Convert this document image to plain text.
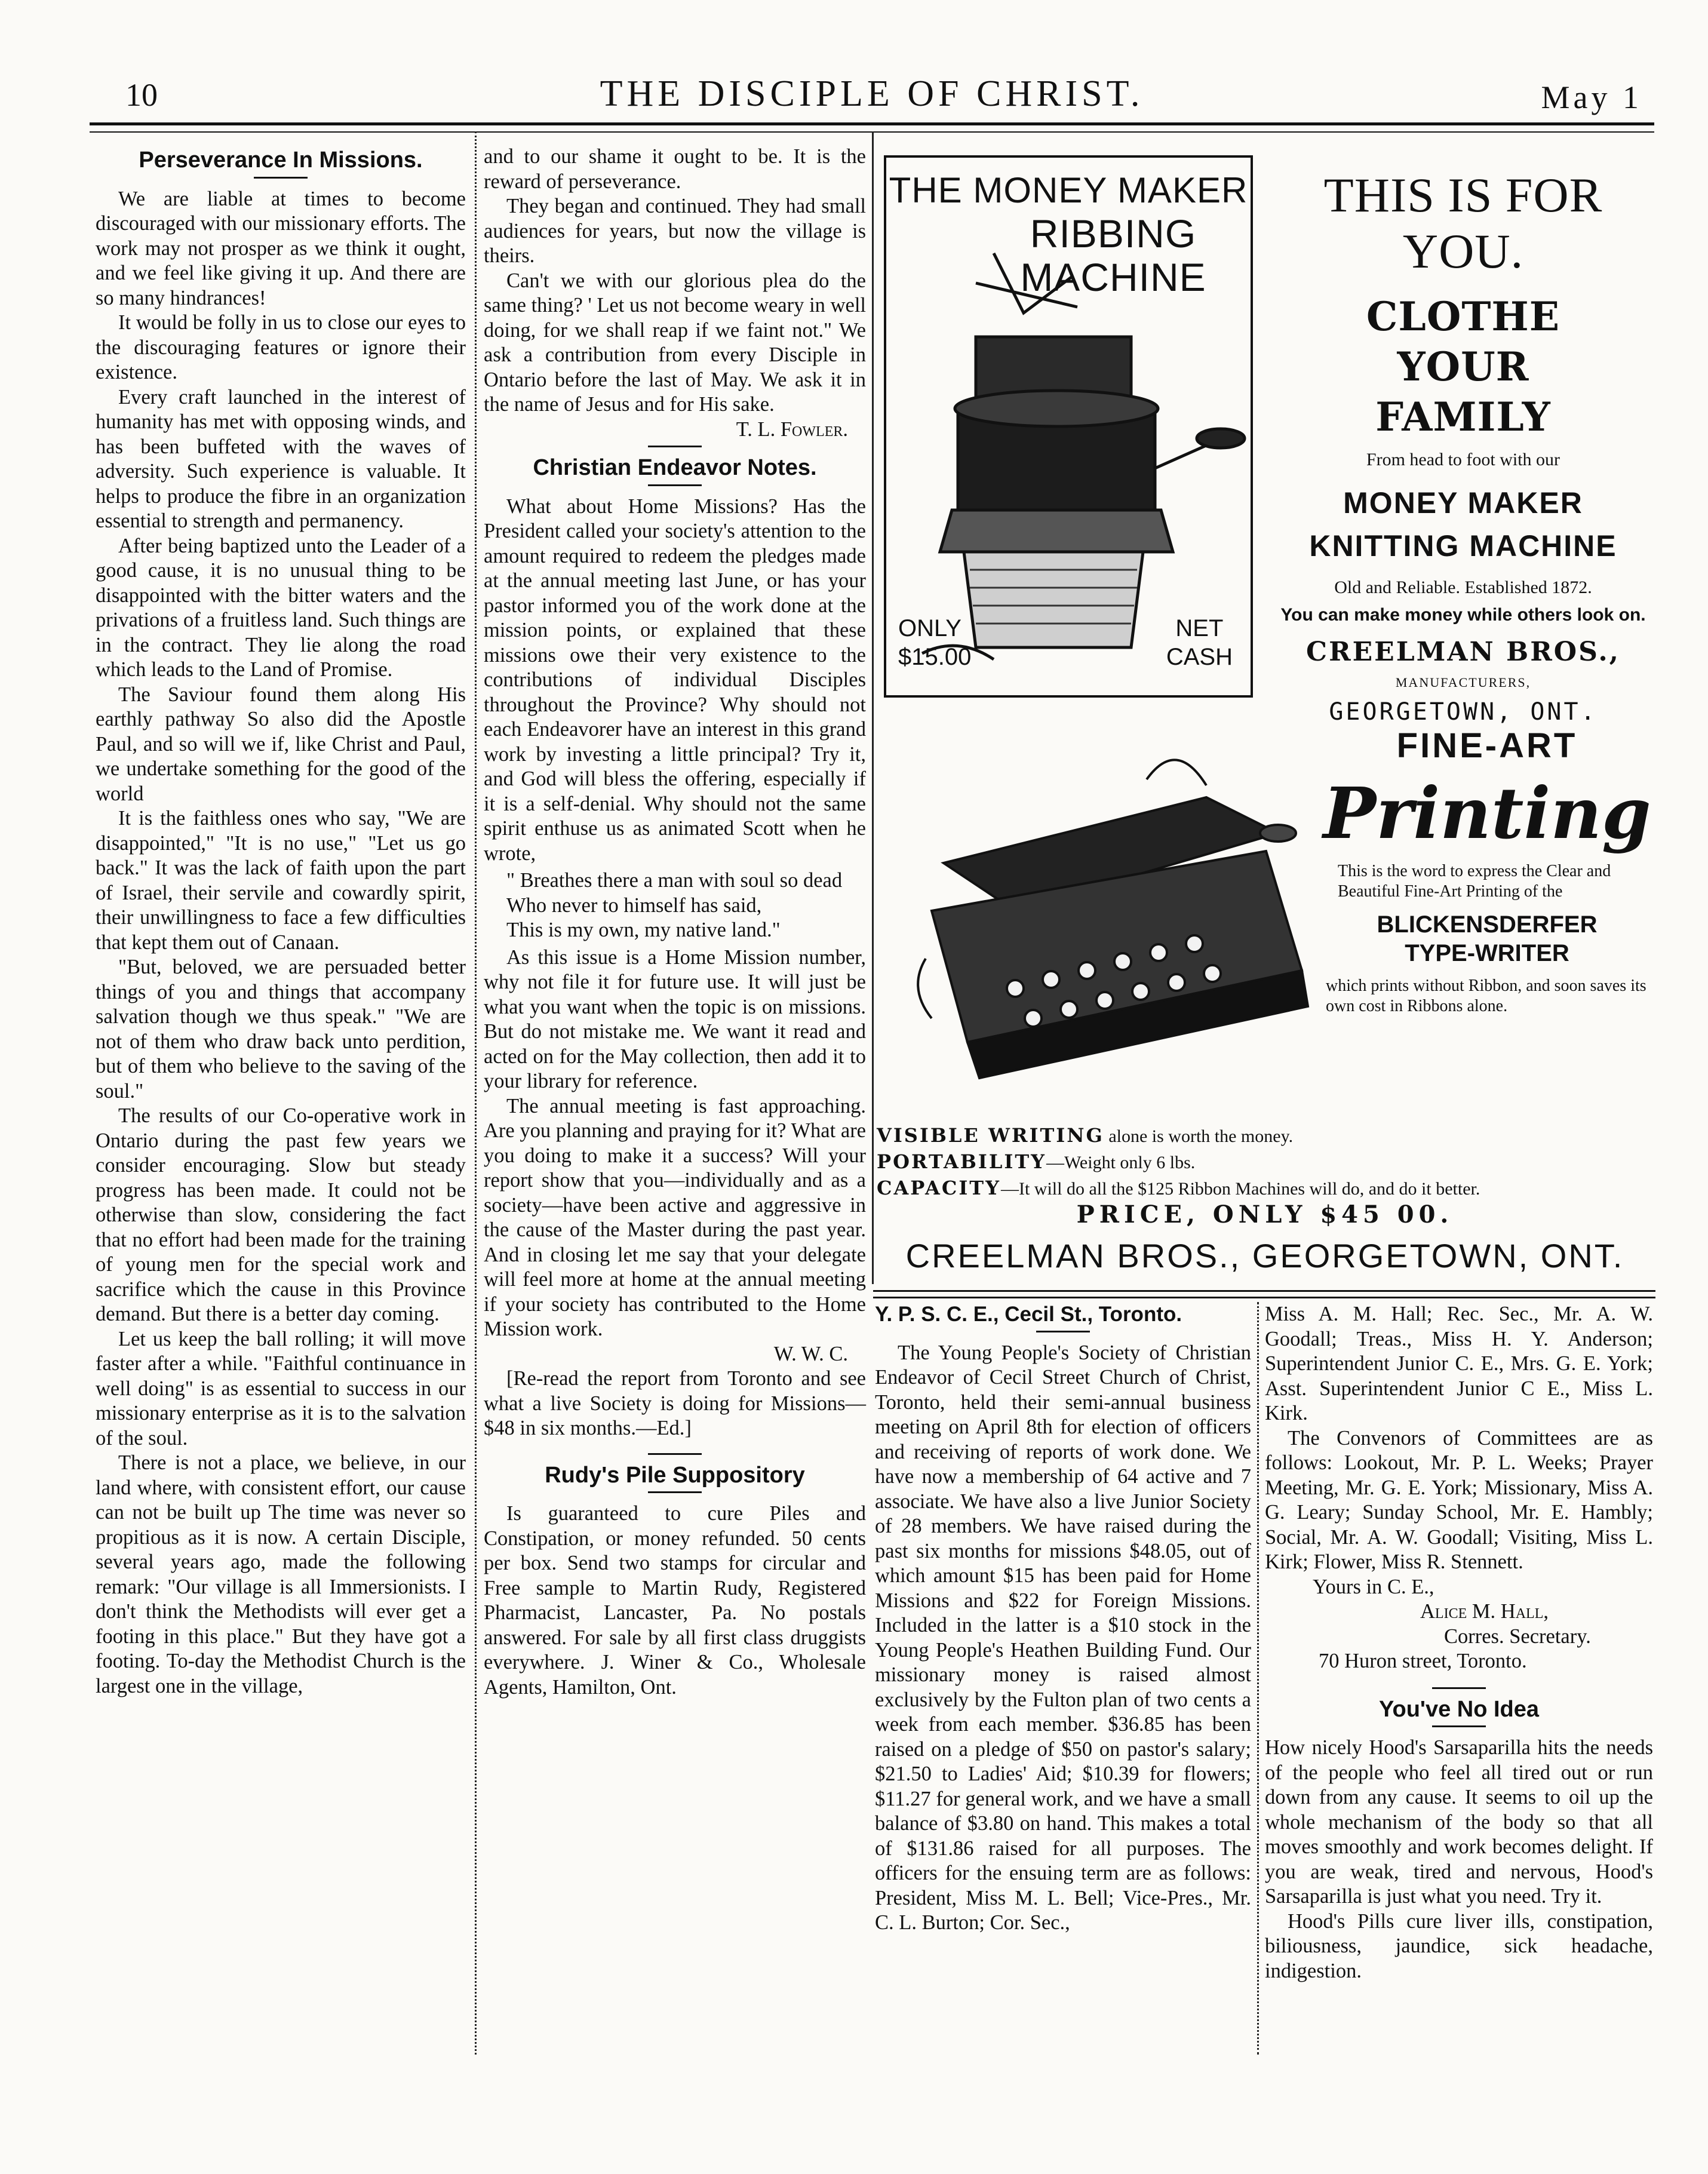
10	THE DISCIPLE OF CHRIST.	May 1
Perseverance In Missions.

We are liable at times to become discouraged with our missionary efforts. The work may not prosper as we think it ought, and we feel like giving it up. And there are so many hindrances!

It would be folly in us to close our eyes to the discouraging features or ignore their existence.

Every craft launched in the interest of humanity has met with opposing winds, and has been buffeted with the waves of adversity. Such experience is valuable. It helps to produce the fibre in an organization essential to strength and permanency.

After being baptized unto the Leader of a good cause, it is no unusual thing to be disappointed with the bitter waters and the privations of a fruitless land. Such things are in the contract. They lie along the road which leads to the Land of Promise.

The Saviour found them along His earthly pathway So also did the Apostle Paul, and so will we if, like Christ and Paul, we undertake something for the good of the world

It is the faithless ones who say, "We are disappointed," "It is no use," "Let us go back." It was the lack of faith upon the part of Israel, their servile and cowardly spirit, their unwillingness to face a few difficulties that kept them out of Canaan.

"But, beloved, we are persuaded better things of you and things that accompany salvation though we thus speak." "We are not of them who draw back unto perdition, but of them who believe to the saving of the soul."

The results of our Co-operative work in Ontario during the past few years we consider encouraging. Slow but steady progress has been made. It could not be otherwise than slow, considering the fact that no effort had been made for the training of young men for the special work and sacrifice which the cause in this Province demand. But there is a better day coming.

Let us keep the ball rolling; it will move faster after a while. "Faithful continuance in well doing" is as essential to success in our missionary enterprise as it is to the salvation of the soul.

There is not a place, we believe, in our land where, with consistent effort, our cause can not be built up The time was never so propitious as it is now. A certain Disciple, several years ago, made the following remark: "Our village is all Immersionists. I don't think the Methodists will ever get a footing in this place." But they have got a footing. To-day the Methodist Church is the largest one in the village,

and to our shame it ought to be. It is the reward of perseverance.

They began and continued. They had small audiences for years, but now the village is theirs.

Can't we with our glorious plea do the same thing? ' Let us not become weary in well doing, for we shall reap if we faint not." We ask a contribution from every Disciple in Ontario before the last of May. We ask it in the name of Jesus and for His sake.

T. L. Fowler.
Christian Endeavor Notes.

What about Home Missions? Has the President called your society's attention to the amount required to redeem the pledges made at the annual meeting last June, or has your pastor informed you of the work done at the mission points, or explained that these missions owe their very existence to the contributions of individual Disciples throughout the Province? Why should not each Endeavorer have an interest in this grand work by investing a little principal? Try it, and God will bless the offering, especially if it is a self-denial. Why should not the same spirit enthuse us as animated Scott when he wrote,

" Breathes there a man with soul so dead
Who never to himself has said,
This is my own, my native land."

As this issue is a Home Mission number, why not file it for future use. It will just be what you want when the topic is on missions. But do not mistake me. We want it read and acted on for the May collection, then add it to your library for reference.

The annual meeting is fast approaching. Are you planning and praying for it? What are you doing to make it a success? Will your report show that you—individually and as a society—have been active and aggressive in the cause of the Master during the past year. And in closing let me say that your delegate will feel more at home at the annual meeting if your society has contributed to the Home Mission work.

W. W. C.

[Re-read the report from Toronto and see what a live Society is doing for Missions—$48 in six months.—Ed.]

Rudy's Pile Suppository

Is guaranteed to cure Piles and Constipation, or money refunded. 50 cents per box. Send two stamps for circular and Free sample to Martin Rudy, Registered Pharmacist, Lancaster, Pa. No postals answered. For sale by all first class druggists everywhere. J. Winer & Co., Wholesale Agents, Hamilton, Ont.

THE MONEY MAKER
RIBBING
MACHINE
ONLY
$15.00
NET
CASH
THIS IS FOR YOU.
CLOTHE
YOUR
FAMILY
From head to foot with our
MONEY MAKER
KNITTING MACHINE
Old and Reliable. Established 1872.
You can make money while others look on.
CREELMAN BROS.,
MANUFACTURERS,
GEORGETOWN, ONT.
FINE-ART
Printing
This is the word to express the Clear and Beautiful Fine-Art Printing of the
BLICKENSDERFER
TYPE-WRITER
which prints without Ribbon, and soon saves its own cost in Ribbons alone.
VISIBLE WRITING alone is worth the money.
PORTABILITY—Weight only 6 lbs.
CAPACITY—It will do all the $125 Ribbon Machines will do, and do it better.
PRICE, ONLY $45 00.
CREELMAN BROS., GEORGETOWN, ONT.
Y. P. S. C. E., Cecil St., Toronto.

The Young People's Society of Christian Endeavor of Cecil Street Church of Christ, Toronto, held their semi-annual business meeting on April 8th for election of officers and receiving of reports of work done. We have now a membership of 64 active and 7 associate. We have also a live Junior Society of 28 members. We have raised during the past six months for missions $48.05, out of which amount $15 has been paid for Home Missions and $22 for Foreign Missions. Included in the latter is a $10 stock in the Young People's Heathen Building Fund. Our missionary money is raised almost exclusively by the Fulton plan of two cents a week from each member. $36.85 has been raised on a pledge of $50 on pastor's salary; $21.50 to Ladies' Aid; $10.39 for flowers; $11.27 for general work, and we have a small balance of $3.80 on hand. This makes a total of $131.86 raised for all purposes. The officers for the ensuing term are as follows: President, Miss M. L. Bell; Vice-Pres., Mr. C. L. Burton; Cor. Sec.,

Miss A. M. Hall; Rec. Sec., Mr. A. W. Goodall; Treas., Miss H. Y. Anderson; Superintendent Junior C. E., Mrs. G. E. York; Asst. Superintendent Junior C E., Miss L. Kirk.

The Convenors of Committees are as follows: Lookout, Mr. P. L. Weeks; Prayer Meeting, Mr. G. E. York; Missionary, Miss A. G. Leary; Sunday School, Mr. E. Hambly; Social, Mr. A. W. Goodall; Visiting, Miss L. Kirk; Flower, Miss R. Stennett.

Yours in C. E.,
Alice M. Hall,
Corres. Secretary.
70 Huron street, Toronto.
You've No Idea

How nicely Hood's Sarsaparilla hits the needs of the people who feel all tired out or run down from any cause. It seems to oil up the whole mechanism of the body so that all moves smoothly and work becomes delight. If you are weak, tired and nervous, Hood's Sarsaparilla is just what you need. Try it.

Hood's Pills cure liver ills, constipation, biliousness, jaundice, sick headache, indigestion.
